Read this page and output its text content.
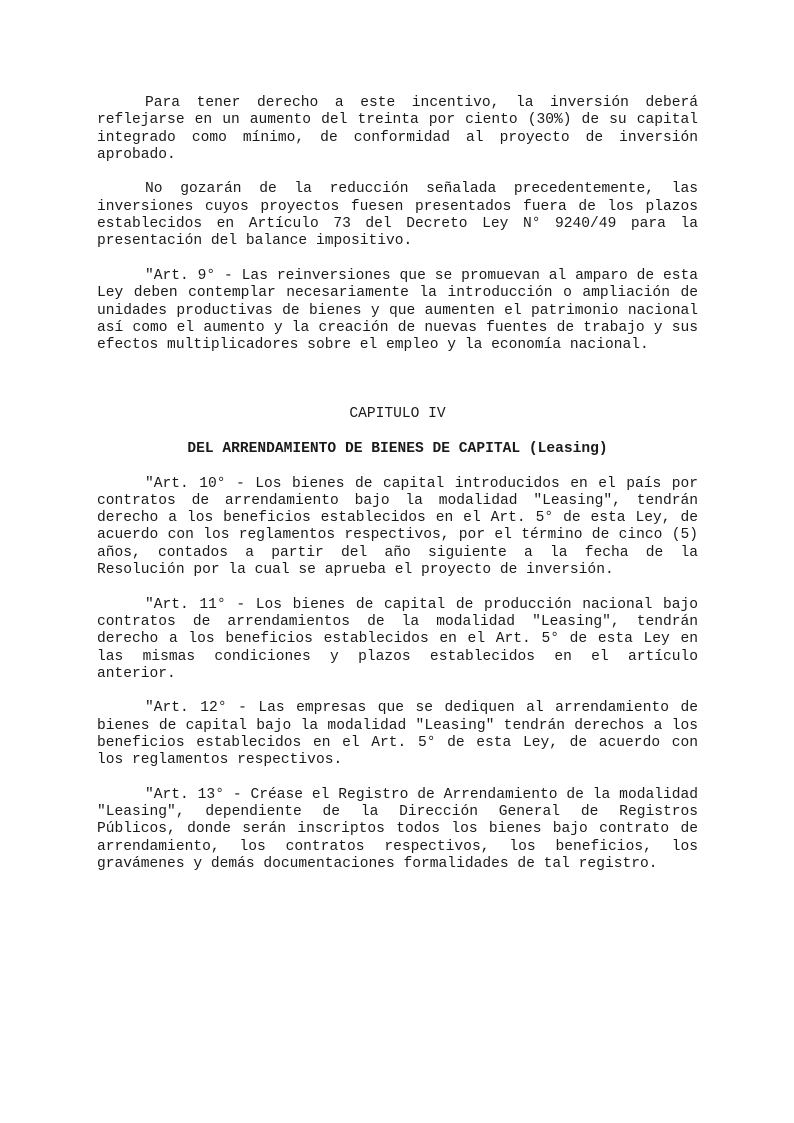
Para tener derecho a este incentivo, la inversión deberá reflejarse en un aumento del treinta por ciento (30%) de su capital integrado como mínimo, de conformidad al proyecto de inversión aprobado.

No gozarán de la reducción señalada precedentemente, las inversiones cuyos proyectos fuesen presentados fuera de los plazos establecidos en Artículo 73 del Decreto Ley N° 9240/49 para la presentación del balance impositivo.

"Art. 9° - Las reinversiones que se promuevan al amparo de esta Ley deben contemplar necesariamente la introducción o ampliación de unidades productivas de bienes y que aumenten el patrimonio nacional así como el aumento y la creación de nuevas fuentes de trabajo y sus efectos multiplicadores sobre el empleo y la economía nacional.

CAPITULO IV

DEL ARRENDAMIENTO DE BIENES DE CAPITAL (Leasing)

"Art. 10° - Los bienes de capital introducidos en el país por contratos de arrendamiento bajo la modalidad "Leasing", tendrán derecho a los beneficios establecidos en el Art. 5° de esta Ley, de acuerdo con los reglamentos respectivos, por el término de cinco (5) años, contados a partir del año siguiente a la fecha de la Resolución por la cual se aprueba el proyecto de inversión.

"Art. 11° - Los bienes de capital de producción nacional bajo contratos de arrendamientos de la modalidad "Leasing", tendrán derecho a los beneficios establecidos en el Art. 5° de esta Ley en las mismas condiciones y plazos establecidos en el artículo anterior.

"Art. 12° - Las empresas que se dediquen al arrendamiento de bienes de capital bajo la modalidad "Leasing" tendrán derechos a los beneficios establecidos en el Art. 5° de esta Ley, de acuerdo con los reglamentos respectivos.

"Art. 13° - Créase el Registro de Arrendamiento de la modalidad "Leasing", dependiente de la Dirección General de Registros Públicos, donde serán inscriptos todos los bienes bajo contrato de arrendamiento, los contratos respectivos, los beneficios, los gravámenes y demás documentaciones formalidades de tal registro.
